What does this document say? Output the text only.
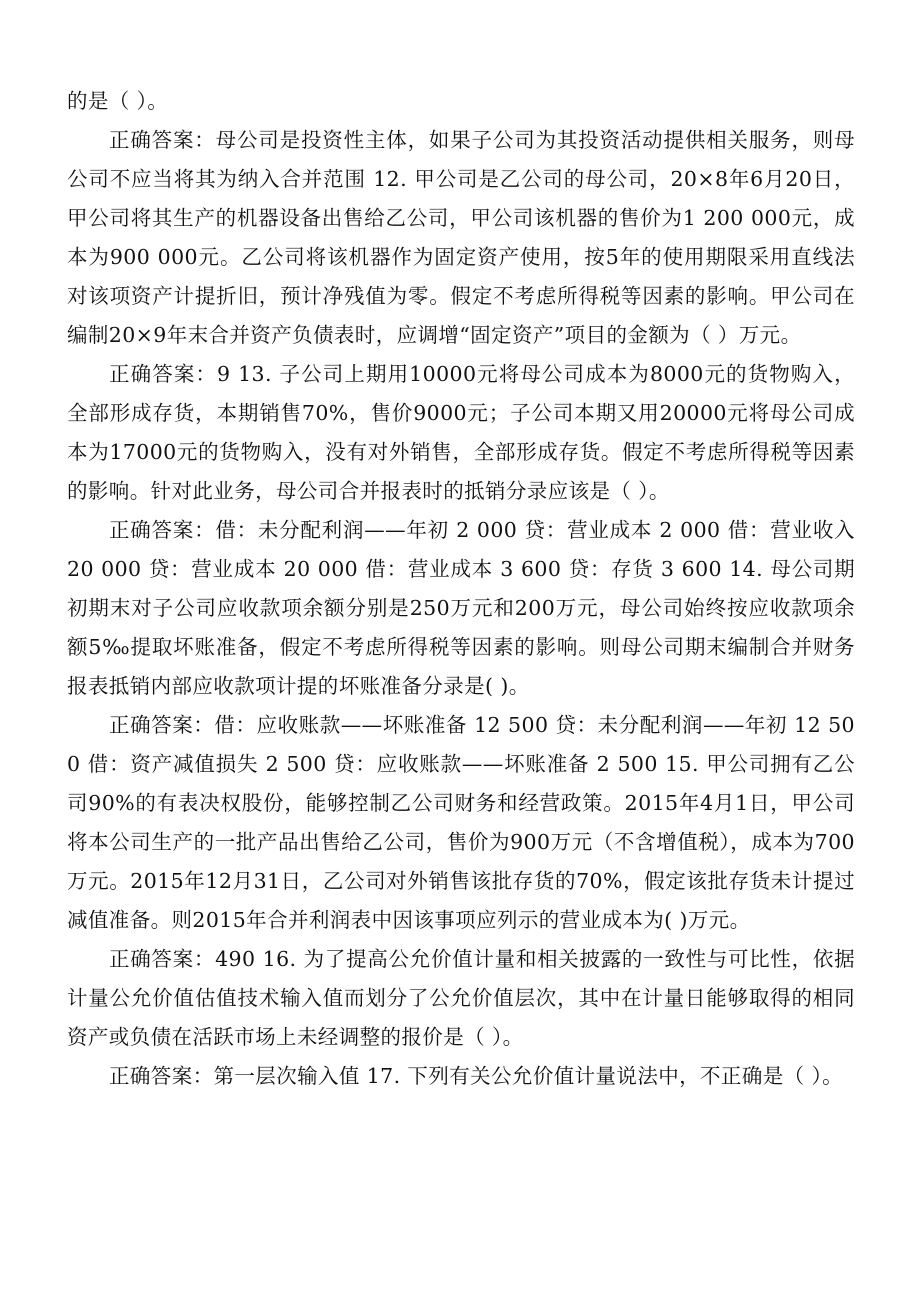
的是（ ）。

正确答案：母公司是投资性主体，如果子公司为其投资活动提供相关服务，则母公司不应当将其为纳入合并范围 12. 甲公司是乙公司的母公司，20×8年6月20日，甲公司将其生产的机器设备出售给乙公司，甲公司该机器的售价为1 200 000元，成本为900 000元。乙公司将该机器作为固定资产使用，按5年的使用期限采用直线法对该项资产计提折旧，预计净残值为零。假定不考虑所得税等因素的影响。甲公司在编制20×9年末合并资产负债表时，应调增“固定资产”项目的金额为（ ）万元。

正确答案：9 13. 子公司上期用10000元将母公司成本为8000元的货物购入，全部形成存货，本期销售70%，售价9000元；子公司本期又用20000元将母公司成本为17000元的货物购入，没有对外销售，全部形成存货。假定不考虑所得税等因素的影响。针对此业务，母公司合并报表时的抵销分录应该是（ ）。

正确答案：借：未分配利润——年初 2 000 贷：营业成本 2 000 借：营业收入 20 000 贷：营业成本 20 000 借：营业成本 3 600 贷：存货 3 600 14. 母公司期初期末对子公司应收款项余额分别是250万元和200万元，母公司始终按应收款项余额5‰提取坏账准备，假定不考虑所得税等因素的影响。则母公司期末编制合并财务报表抵销内部应收款项计提的坏账准备分录是( )。

正确答案：借：应收账款——坏账准备 12 500 贷：未分配利润——年初 12 500 借：资产减值损失 2 500 贷：应收账款——坏账准备 2 500 15. 甲公司拥有乙公司90%的有表决权股份，能够控制乙公司财务和经营政策。2015年4月1日，甲公司将本公司生产的一批产品出售给乙公司，售价为900万元（不含增值税），成本为700万元。2015年12月31日，乙公司对外销售该批存货的70%，假定该批存货未计提过减值准备。则2015年合并利润表中因该事项应列示的营业成本为( )万元。

正确答案：490 16. 为了提高公允价值计量和相关披露的一致性与可比性，依据计量公允价值估值技术输入值而划分了公允价值层次，其中在计量日能够取得的相同资产或负债在活跃市场上未经调整的报价是（ ）。

正确答案：第一层次输入值 17. 下列有关公允价值计量说法中，不正确是（ ）。
